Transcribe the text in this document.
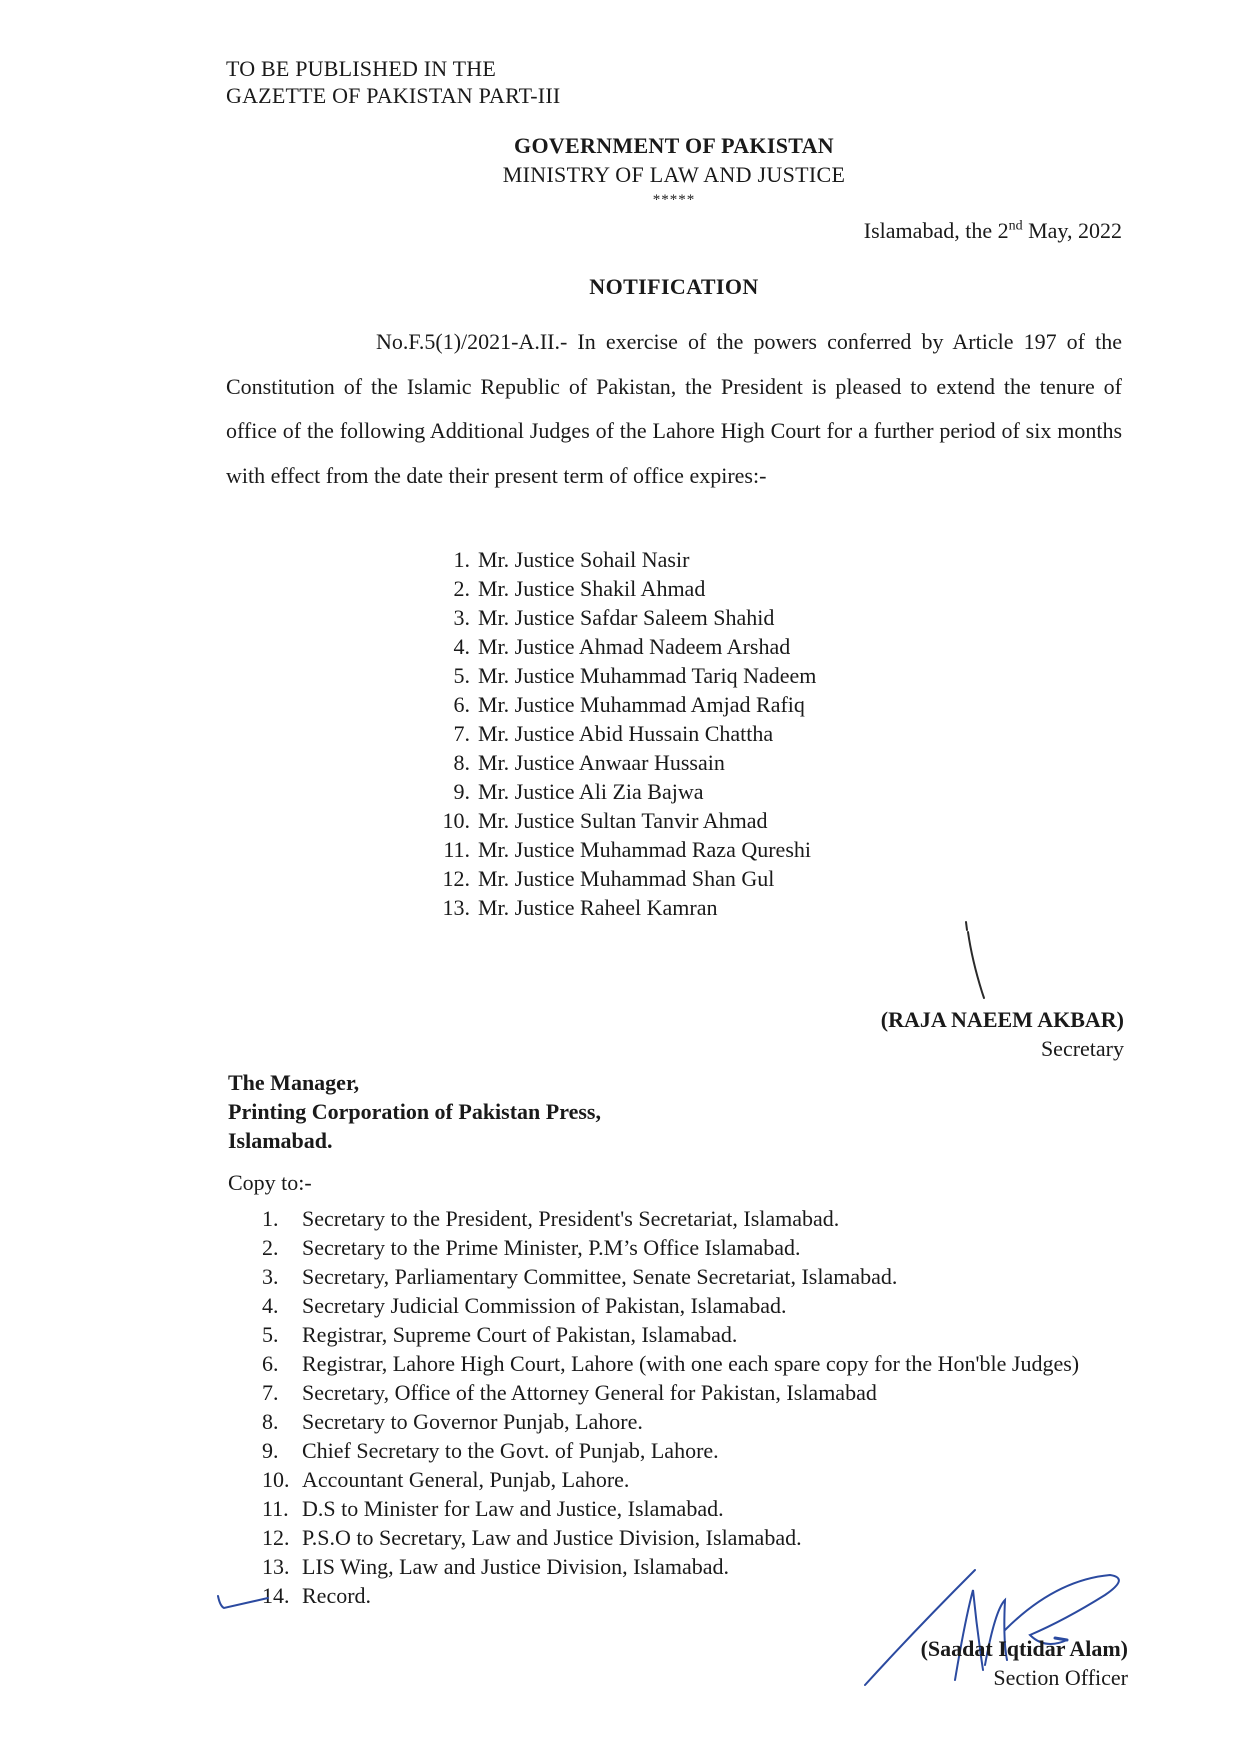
TO BE PUBLISHED IN THE
GAZETTE OF PAKISTAN PART-III
GOVERNMENT OF PAKISTAN
MINISTRY OF LAW AND JUSTICE
*****
Islamabad, the 2nd May, 2022
NOTIFICATION
No.F.5(1)/2021-A.II.- In exercise of the powers conferred by Article 197 of the Constitution of the Islamic Republic of Pakistan, the President is pleased to extend the tenure of office of the following Additional Judges of the Lahore High Court for a further period of six months with effect from the date their present term of office expires:-
1. Mr. Justice Sohail Nasir
2. Mr. Justice Shakil Ahmad
3. Mr. Justice Safdar Saleem Shahid
4. Mr. Justice Ahmad Nadeem Arshad
5. Mr. Justice Muhammad Tariq Nadeem
6. Mr. Justice Muhammad Amjad Rafiq
7. Mr. Justice Abid Hussain Chattha
8. Mr. Justice Anwaar Hussain
9. Mr. Justice Ali Zia Bajwa
10. Mr. Justice Sultan Tanvir Ahmad
11. Mr. Justice Muhammad Raza Qureshi
12. Mr. Justice Muhammad Shan Gul
13. Mr. Justice Raheel Kamran
(RAJA NAEEM AKBAR)
Secretary
The Manager,
Printing Corporation of Pakistan Press,
Islamabad.
Copy to:-
1.	Secretary to the President, President's Secretariat, Islamabad.
2.	Secretary to the Prime Minister, P.M’s Office Islamabad.
3.	Secretary, Parliamentary Committee, Senate Secretariat, Islamabad.
4.	Secretary Judicial Commission of Pakistan, Islamabad.
5.	Registrar, Supreme Court of Pakistan, Islamabad.
6.	Registrar, Lahore High Court, Lahore (with one each spare copy for the Hon'ble Judges)
7.	Secretary, Office of the Attorney General for Pakistan, Islamabad
8.	Secretary to Governor Punjab, Lahore.
9.	Chief Secretary to the Govt. of Punjab, Lahore.
10. Accountant General, Punjab, Lahore.
11. D.S to Minister for Law and Justice, Islamabad.
12. P.S.O to Secretary, Law and Justice Division, Islamabad.
13. LIS Wing, Law and Justice Division, Islamabad.
14. Record.
(Saadat Iqtidar Alam)
Section Officer
